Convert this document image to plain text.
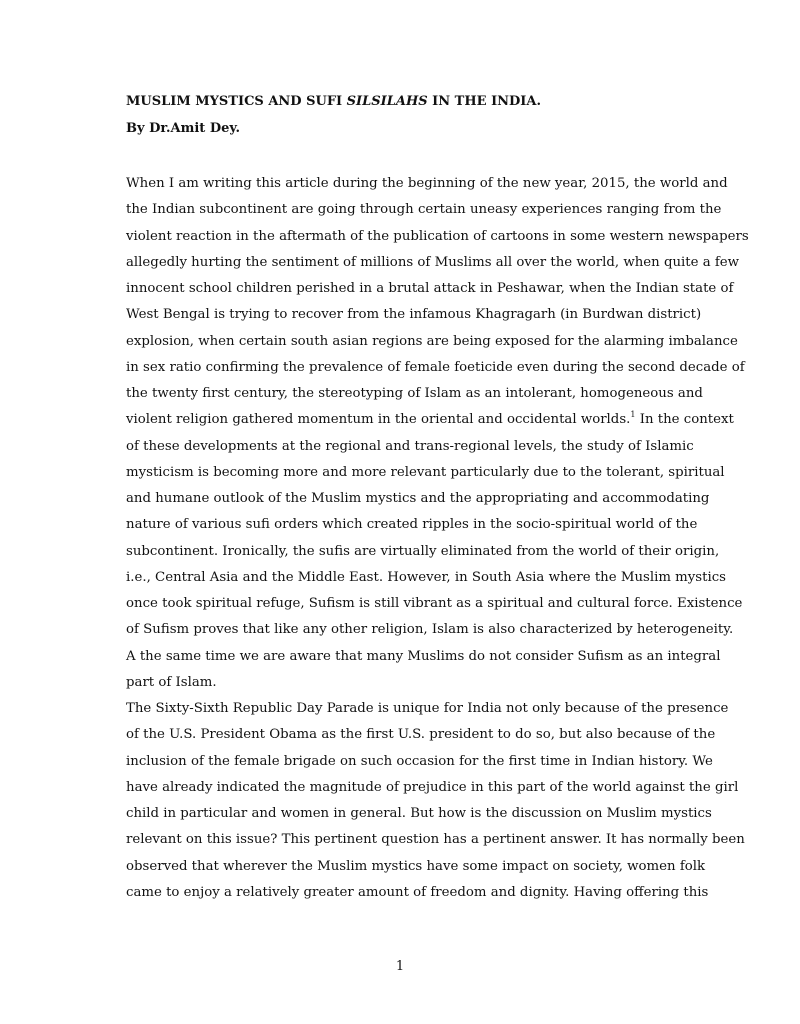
MUSLIM MYSTICS AND SUFI SILSILAHS IN THE INDIA.
By Dr.Amit Dey.
When I am writing this article during the beginning of the new year, 2015, the world and
the Indian subcontinent are going through certain uneasy experiences ranging from the
violent reaction in the aftermath of the publication of cartoons in some western newspapers
allegedly hurting the sentiment of millions of Muslims all over the world, when quite a few
innocent school children perished in a brutal attack in Peshawar, when the Indian state of
West Bengal is trying to recover from the infamous Khagragarh (in Burdwan district)
explosion, when certain south asian regions are being exposed for the alarming imbalance
in sex ratio confirming the prevalence of female foeticide even during the second decade of
the twenty first century, the stereotyping of Islam as an intolerant, homogeneous and
violent religion gathered momentum in the oriental and occidental worlds.$^1$ In the context
of these developments at the regional and trans-regional levels, the study of Islamic
mysticism is becoming more and more relevant particularly due to the tolerant, spiritual
and humane outlook of the Muslim mystics and the appropriating and accommodating
nature of various sufi orders which created ripples in the socio-spiritual world of the
subcontinent. Ironically, the sufis are virtually eliminated from the world of their origin,
i.e., Central Asia and the Middle East. However, in South Asia where the Muslim mystics
once took spiritual refuge, Sufism is still vibrant as a spiritual and cultural force. Existence
of Sufism proves that like any other religion, Islam is also characterized by heterogeneity.
A the same time we are aware that many Muslims do not consider Sufism as an integral
part of Islam.
The Sixty-Sixth Republic Day Parade is unique for India not only because of the presence
of the U.S. President Obama as the first U.S. president to do so, but also because of the
inclusion of the female brigade on such occasion for the first time in Indian history. We
have already indicated the magnitude of prejudice in this part of the world against the girl
child in particular and women in general. But how is the discussion on Muslim mystics
relevant on this issue? This pertinent question has a pertinent answer. It has normally been
observed that wherever the Muslim mystics have some impact on society, women folk
came to enjoy a relatively greater amount of freedom and dignity. Having offering this
1
